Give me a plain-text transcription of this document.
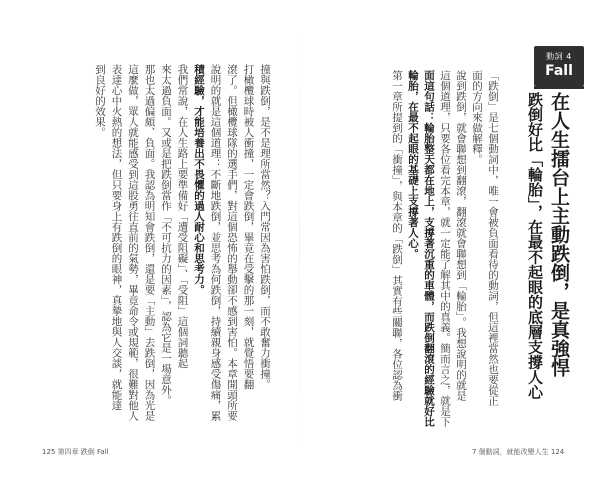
動詞 4
Fall
在人生擂台上主動跌倒，是真強悍
跌倒好比「輪胎」，在最不起眼的底層支撐人心
「跌倒」是七個動詞中，唯一會被負面看待的動詞，但這裡當然也要從正
面的方向來做解釋。
說到跌倒，就會聯想到翻滾，翻滾就會聯想到「輪胎」。我想說明的就是
這個道理，只要各位看完本章，就一定能了解其中的真義。簡而言之，就是下
面這句話：輪胎整天都在地上，支撐著沉重的車體，而跌倒翻滾的經驗就好比
輪胎，在最不起眼的基礎上支撐著人心。
第一章所提到的「衝撞」，與本章的「跌倒」其實有些關聯，各位認為衝
撞與跌倒，是不是理所當然？入門常因為害怕跌倒，而不敢奮力衝撞。
打橄欖球時被人衝撞，一定會跌倒，畢竟在受擊的那一刻，就覺悟要翻
滾了。但橄欖球隊的選手們，對這個恐怖的舉動卻不感到害怕。本章開頭所要
說明的就是這個道理：不斷地跌倒，並思考為何跌倒，持續親身感受傷痛，累
積經驗，才能培養出不畏懼的過人耐心和思考力。
我們常說，在人生路上要準備好「遭受阻礙」、「受阻」這個詞聽起
來太過負面。又或是把跌倒當作「不可抗力的因素」，認為它是一場意外。
那也太過偏頗、負面。我認為明知會跌倒，還是要「主動」去跌倒，因為光是
這麼做，眾人就能感受到這股勇往直前的氣勢，畢竟命令或規範，很難對他人
表達心中火熱的想法，但只要身上有跌倒的眼神，真摯地與人交談，就能達
到良好的效果。
125 第四章 跌倒 Fall	7 個動詞，就能改變人生 124
